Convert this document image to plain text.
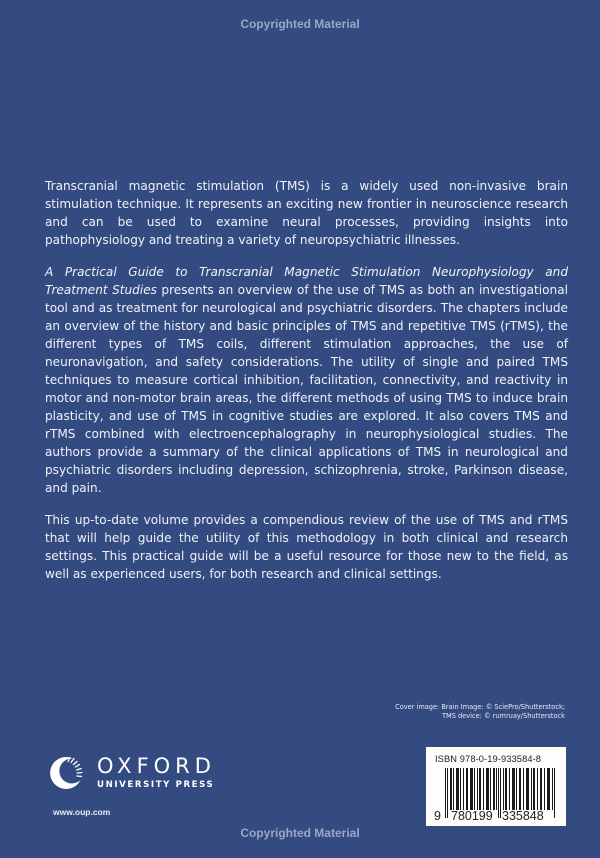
Copyrighted Material

Transcranial magnetic stimulation (TMS) is a widely used non-invasive brain stimulation technique. It represents an exciting new frontier in neuroscience research and can be used to examine neural processes, providing insights into pathophysiology and treating a variety of neuropsychiatric illnesses.

A Practical Guide to Transcranial Magnetic Stimulation Neurophysiology and Treatment Studies presents an overview of the use of TMS as both an investigational tool and as treatment for neurological and psychiatric disorders. The chapters include an overview of the history and basic principles of TMS and repetitive TMS (rTMS), the different types of TMS coils, different stimulation approaches, the use of neuronavigation, and safety considerations. The utility of single and paired TMS techniques to measure cortical inhibition, facilitation, connectivity, and reactivity in motor and non-motor brain areas, the different methods of using TMS to induce brain plasticity, and use of TMS in cognitive studies are explored. It also covers TMS and rTMS combined with electroencephalography in neurophysiological studies. The authors provide a summary of the clinical applications of TMS in neurological and psychiatric disorders including depression, schizophrenia, stroke, Parkinson disease, and pain.

This up-to-date volume provides a compendious review of the use of TMS and rTMS that will help guide the utility of this methodology in both clinical and research settings. This practical guide will be a useful resource for those new to the field, as well as experienced users, for both research and clinical settings.

Cover image: Brain Image: © SciePro/Shutterstock;
TMS device: © rumruay/Shutterstock
OXFORD
UNIVERSITY PRESS
www.oup.com
ISBN 978-0-19-933584-8
9 780199 335848
Copyrighted Material
